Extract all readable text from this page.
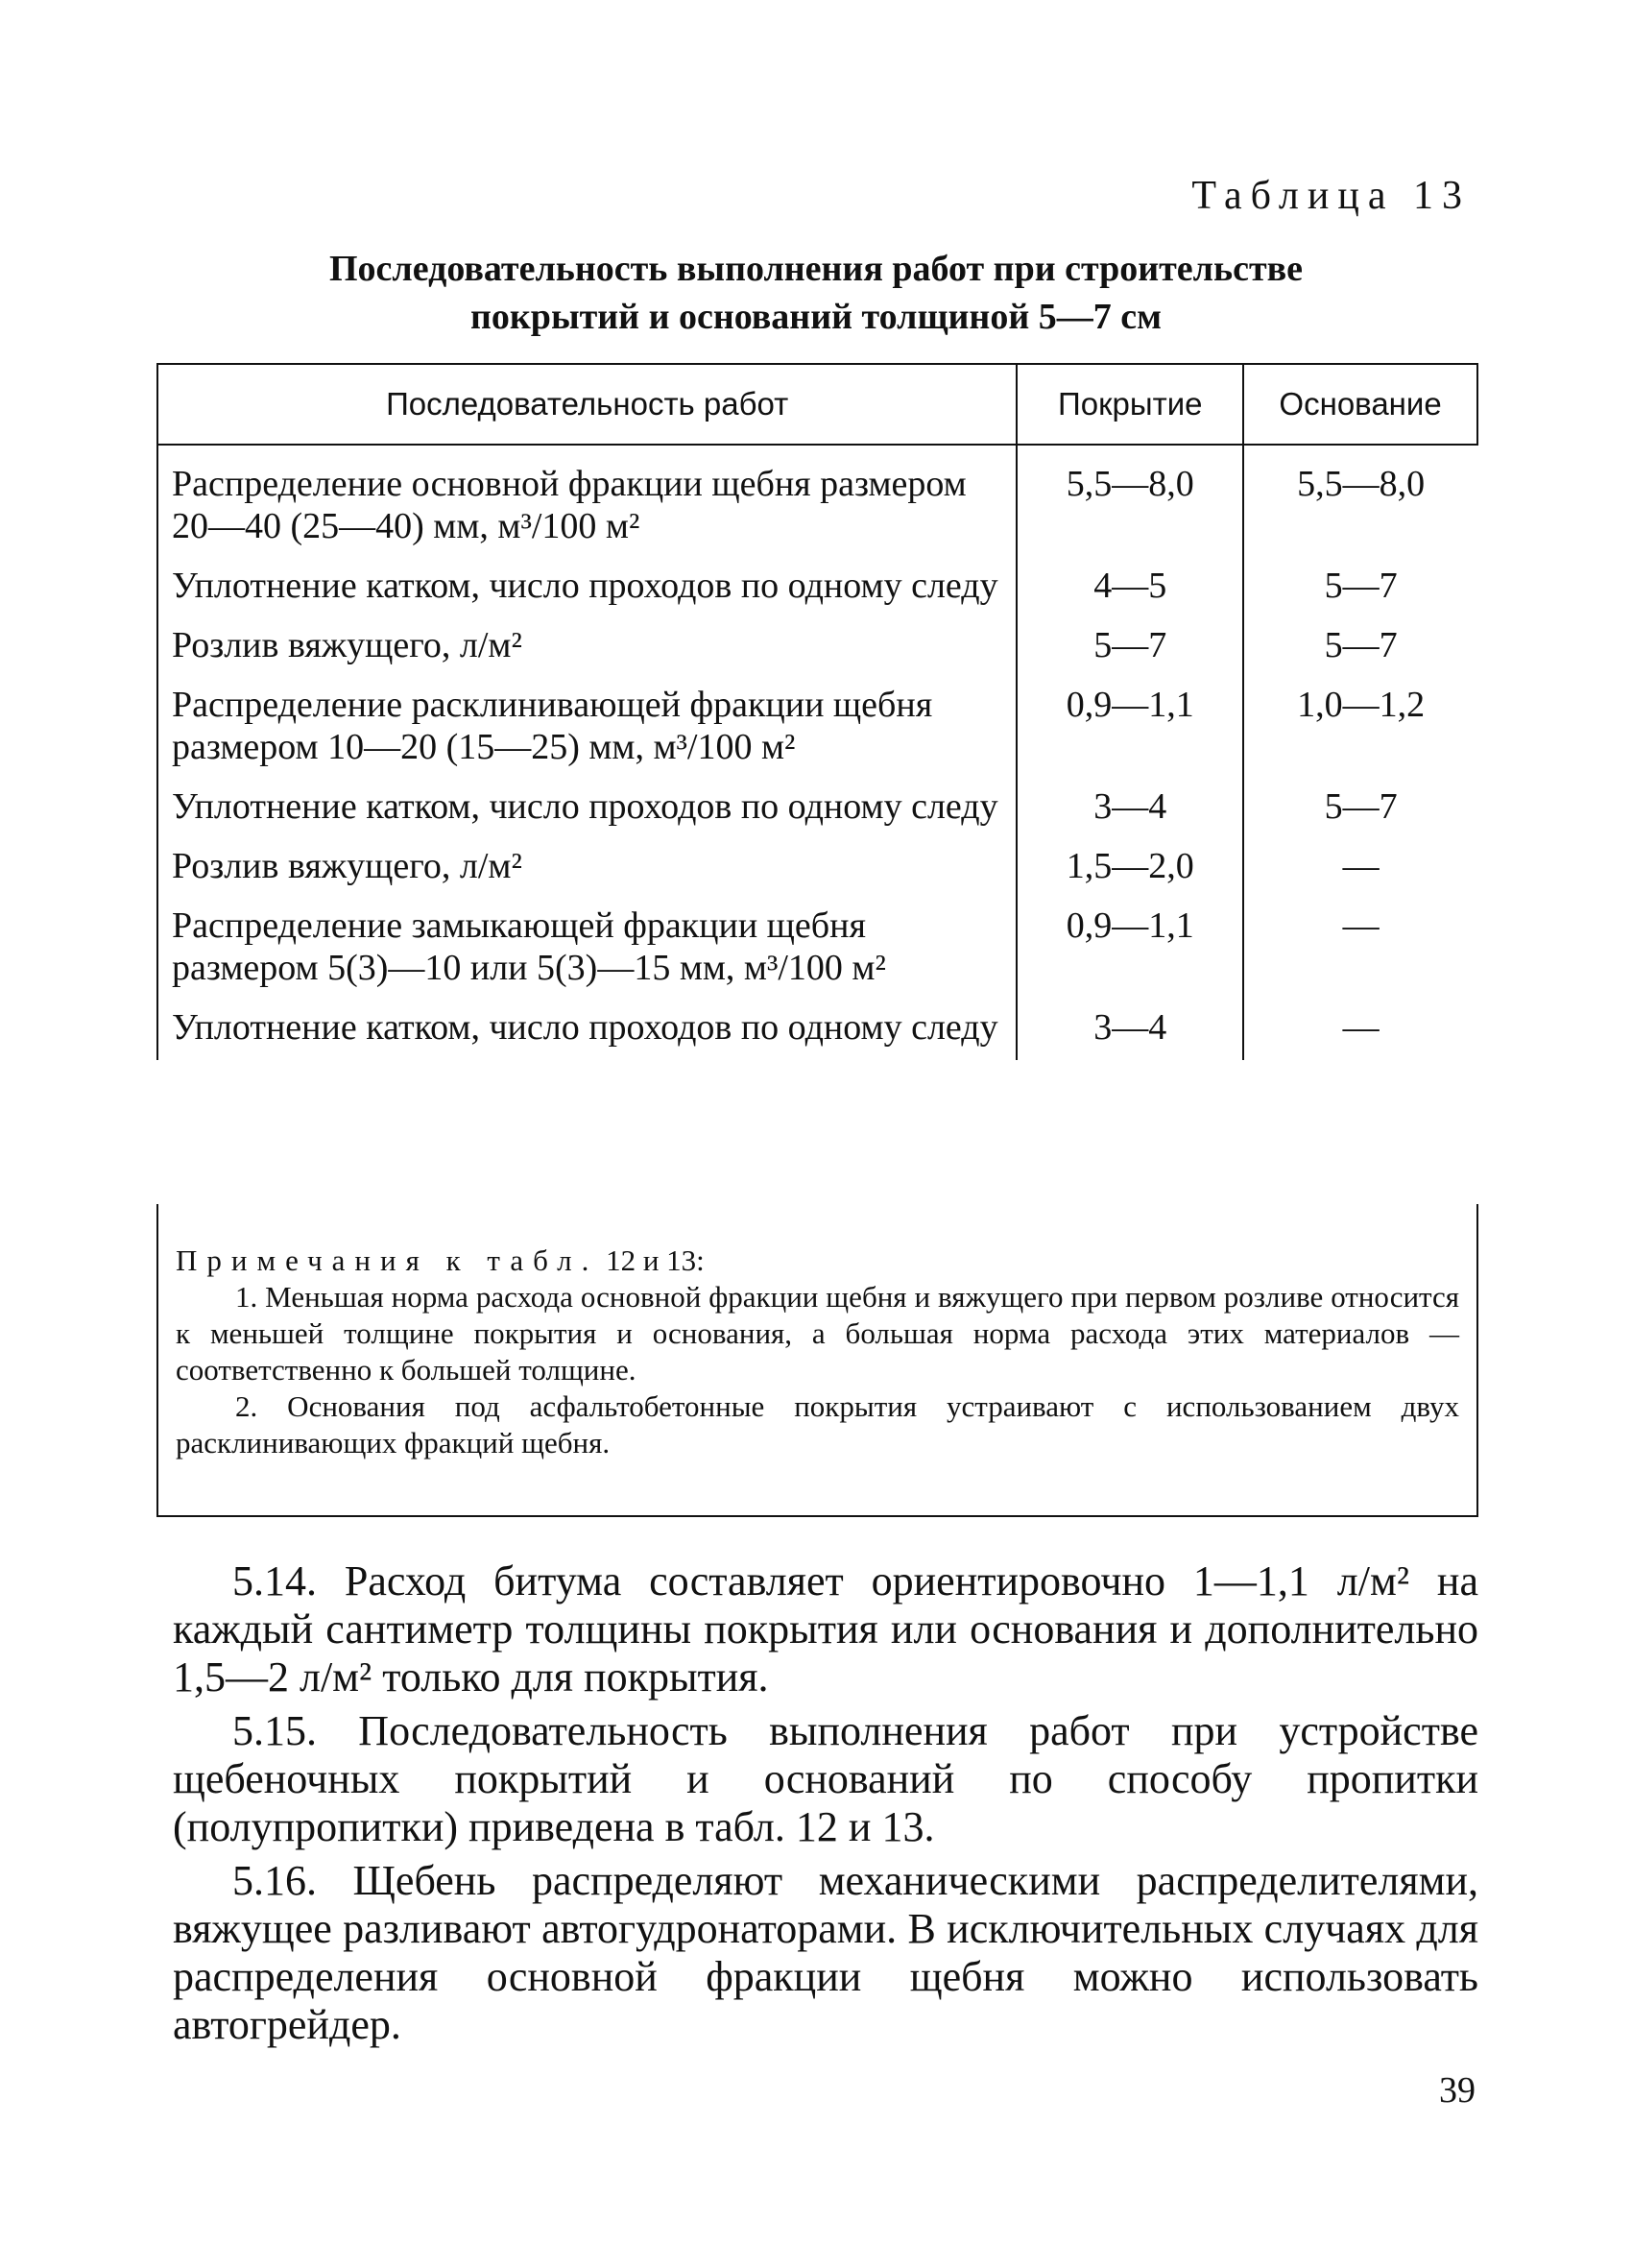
Таблица 13
Последовательность выполнения работ при строительстве
покрытий и оснований толщиной 5—7 см
Последовательность работ	Покрытие	Основание
Распределение основной фракции щебня размером 20—40 (25—40) мм, м³/100 м²	5,5—8,0	5,5—8,0
Уплотнение катком, число проходов по одному следу	4—5	5—7
Розлив вяжущего, л/м²	5—7	5—7
Распределение расклинивающей фракции щебня размером 10—20 (15—25) мм, м³/100 м²	0,9—1,1	1,0—1,2
Уплотнение катком, число проходов по одному следу	3—4	5—7
Розлив вяжущего, л/м²	1,5—2,0	—
Распределение замыкающей фракции щебня размером 5(3)—10 или 5(3)—15 мм, м³/100 м²	0,9—1,1	—
Уплотнение катком, число проходов по одному следу	3—4	—
Примечания к табл. 12 и 13:
1. Меньшая норма расхода основной фракции щебня и вяжущего при первом розливе относится к меньшей толщине покрытия и основания, а большая норма расхода этих материалов — соответственно к большей толщине.
2. Основания под асфальтобетонные покрытия устраивают с использованием двух расклинивающих фракций щебня.

5.14. Расход битума составляет ориентировочно 1—1,1 л/м² на каждый сантиметр толщины покрытия или основания и дополнительно 1,5—2 л/м² только для покрытия.

5.15. Последовательность выполнения работ при устройстве щебеночных покрытий и оснований по способу пропитки (полупропитки) приведена в табл. 12 и 13.

5.16. Щебень распределяют механическими распределителями, вяжущее разливают автогудронаторами. В исключительных случаях для распределения основной фракции щебня можно использовать автогрейдер.

39
